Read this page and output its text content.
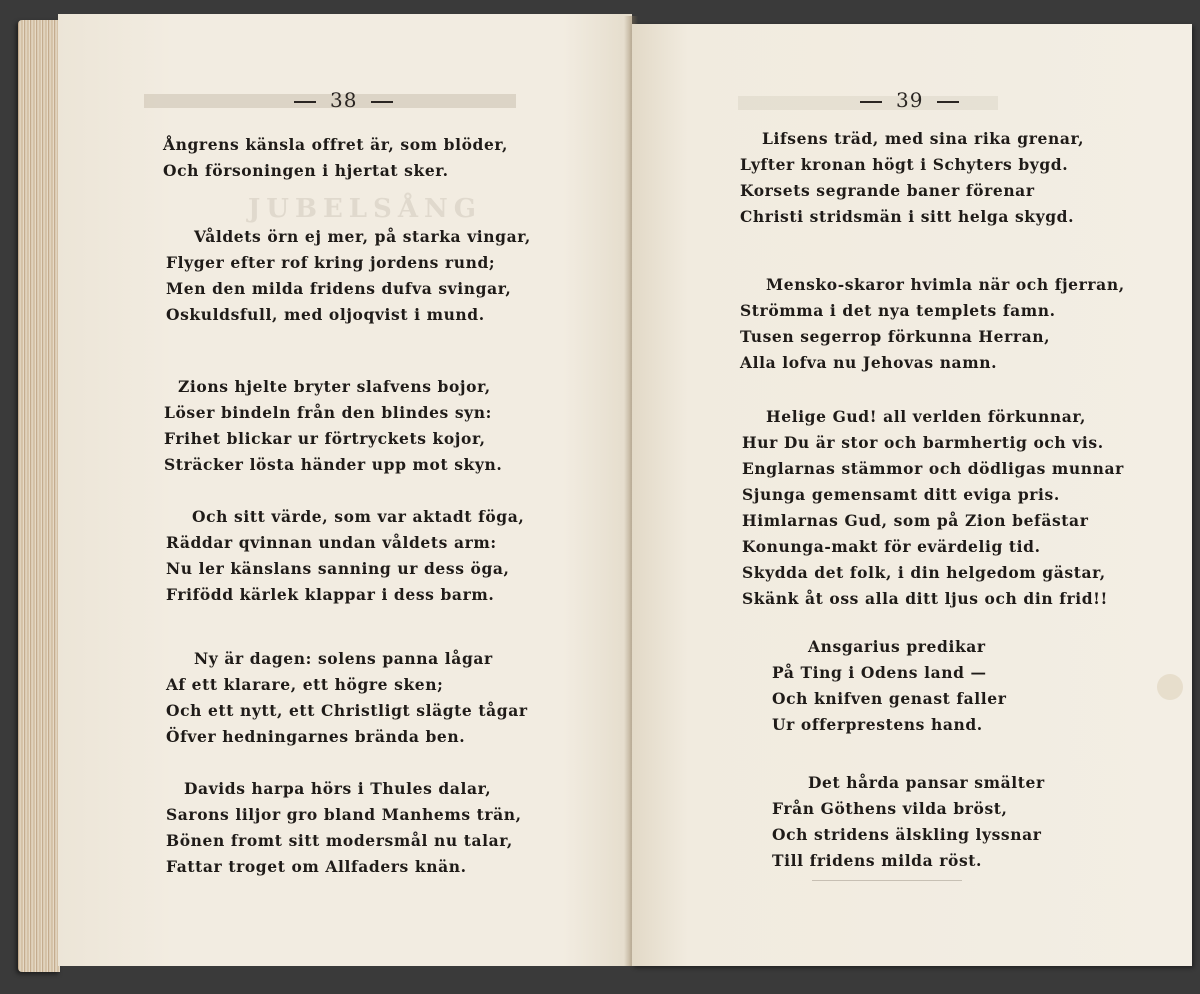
38
JUBELSÅNG
Ångrens känsla offret är, som blöder,
Och försoningen i hjertat sker.
Våldets örn ej mer, på starka vingar,
Flyger efter rof kring jordens rund;
Men den milda fridens dufva svingar,
Oskuldsfull, med oljoqvist i mund.
Zions hjelte bryter slafvens bojor,
Löser bindeln från den blindes syn:
Frihet blickar ur förtryckets kojor,
Sträcker lösta händer upp mot skyn.
Och sitt värde, som var aktadt föga,
Räddar qvinnan undan våldets arm:
Nu ler känslans sanning ur dess öga,
Frifödd kärlek klappar i dess barm.
Ny är dagen: solens panna lågar
Af ett klarare, ett högre sken;
Och ett nytt, ett Christligt slägte tågar
Öfver hedningarnes brända ben.
Davids harpa hörs i Thules dalar,
Sarons liljor gro bland Manhems trän,
Bönen fromt sitt modersmål nu talar,
Fattar troget om Allfaders knän.
39
Lifsens träd, med sina rika grenar,
Lyfter kronan högt i Schyters bygd.
Korsets segrande baner förenar
Christi stridsmän i sitt helga skygd.
Mensko-skaror hvimla när och fjerran,
Strömma i det nya templets famn.
Tusen segerrop förkunna Herran,
Alla lofva nu Jehovas namn.
Helige Gud! all verlden förkunnar,
Hur Du är stor och barmhertig och vis.
Englarnas stämmor och dödligas munnar
Sjunga gemensamt ditt eviga pris.
Himlarnas Gud, som på Zion befästar
Konunga-makt för evärdelig tid.
Skydda det folk, i din helgedom gästar,
Skänk åt oss alla ditt ljus och din frid!!
Ansgarius predikar
På Ting i Odens land —
Och knifven genast faller
Ur offerprestens hand.
Det hårda pansar smälter
Från Göthens vilda bröst,
Och stridens älskling lyssnar
Till fridens milda röst.
